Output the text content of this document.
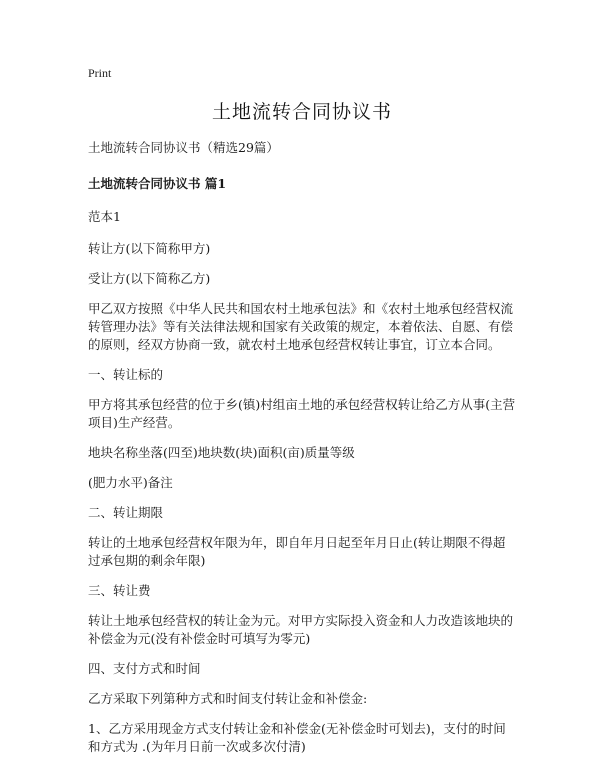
Print
土地流转合同协议书

土地流转合同协议书（精选29篇）

土地流转合同协议书 篇1

范本1

转让方(以下简称甲方)

受让方(以下简称乙方)

甲乙双方按照《中华人民共和国农村土地承包法》和《农村土地承包经营权流转管理办法》等有关法律法规和国家有关政策的规定，本着依法、自愿、有偿的原则，经双方协商一致，就农村土地承包经营权转让事宜，订立本合同。

一、转让标的

甲方将其承包经营的位于乡(镇)村组亩土地的承包经营权转让给乙方从事(主营项目)生产经营。

地块名称坐落(四至)地块数(块)面积(亩)质量等级

(肥力水平)备注

二、转让期限

转让的土地承包经营权年限为年，即自年月日起至年月日止(转让期限不得超过承包期的剩余年限)

三、转让费

转让土地承包经营权的转让金为元。对甲方实际投入资金和人力改造该地块的补偿金为元(没有补偿金时可填写为零元)

四、支付方式和时间

乙方采取下列第种方式和时间支付转让金和补偿金:

1、乙方采用现金方式支付转让金和补偿金(无补偿金时可划去)，支付的时间和方式为 .(为年月日前一次或多次付清)
